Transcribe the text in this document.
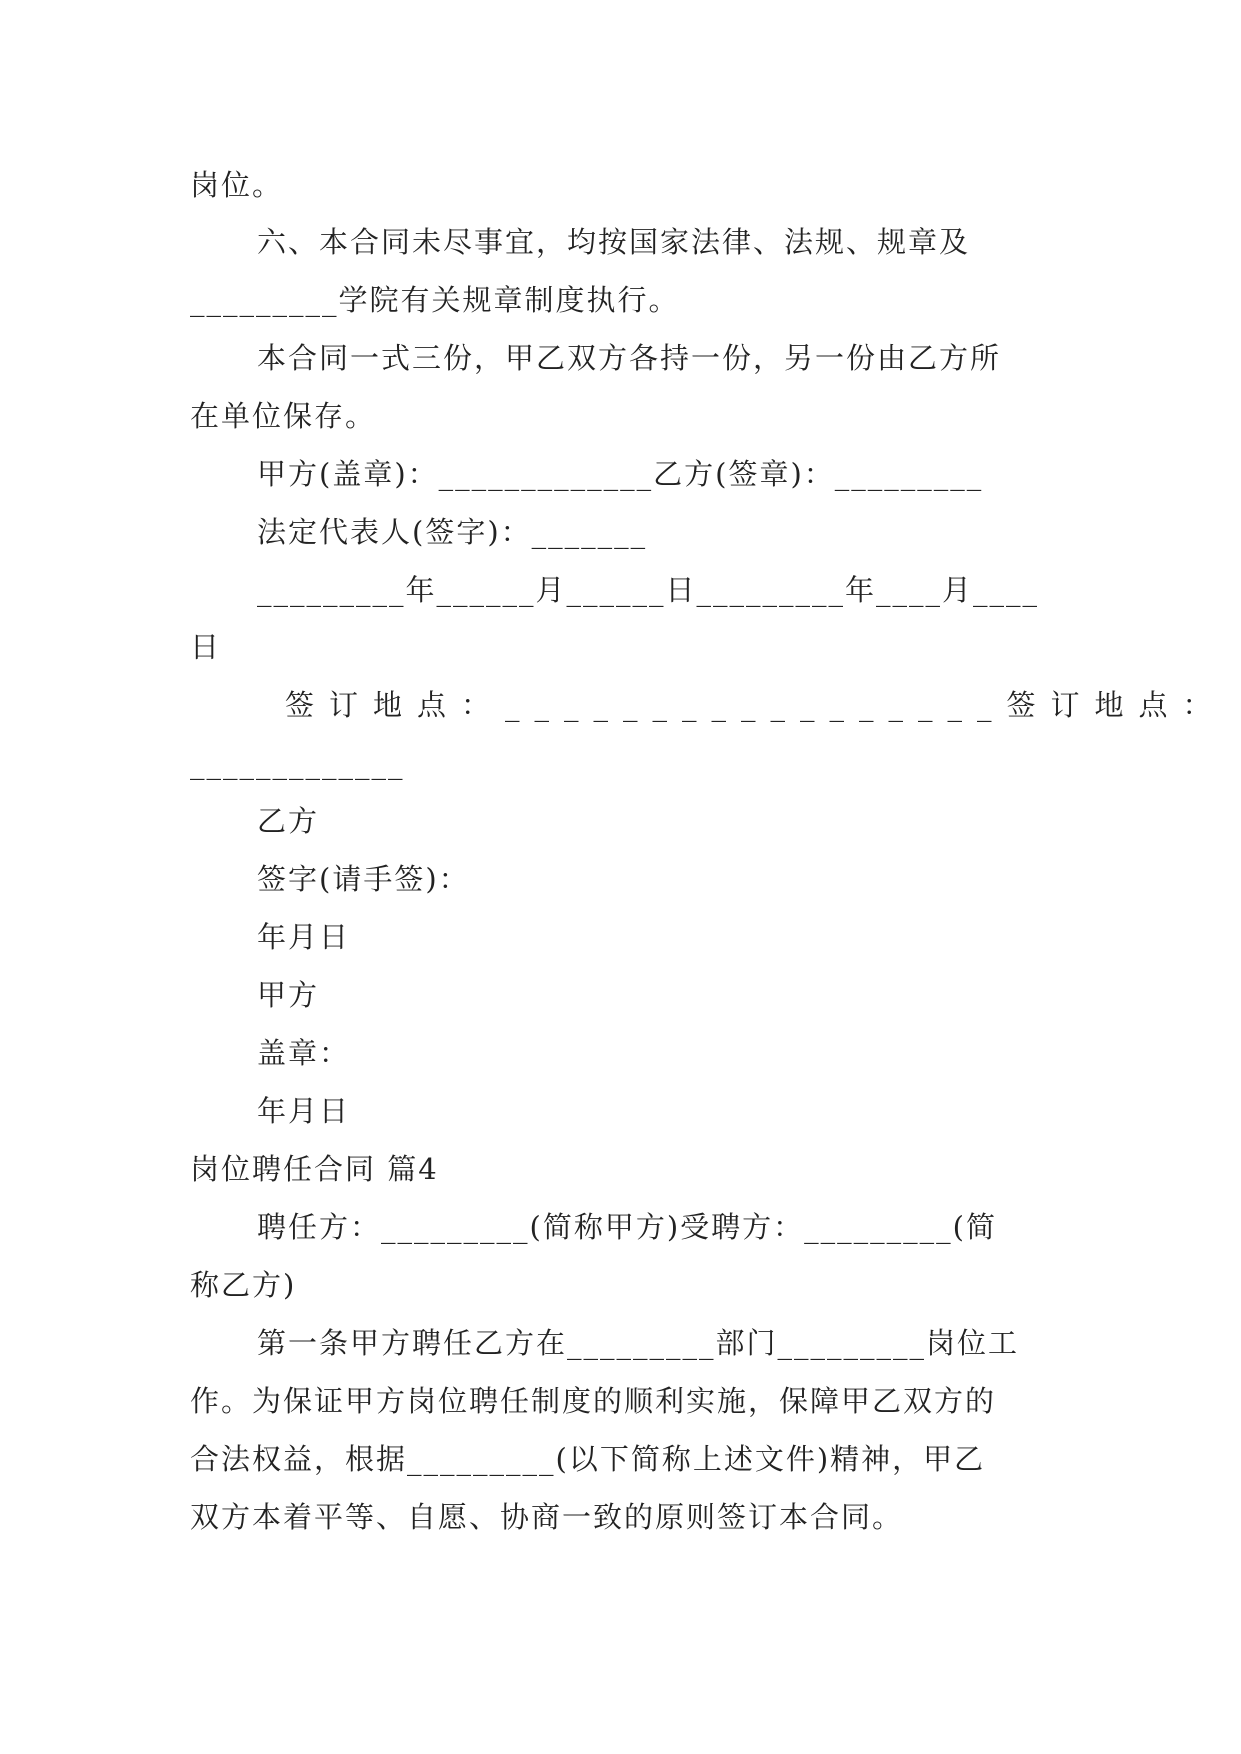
岗位。
六、本合同未尽事宜，均按国家法律、法规、规章及
_________学院有关规章制度执行。
本合同一式三份，甲乙双方各持一份，另一份由乙方所
在单位保存。
甲方(盖章)：_____________乙方(签章)：_________
法定代表人(签字)：_______
_________年______月______日_________年____月____
日
签订地点：_________________签订地点：
_____________
乙方
签字(请手签)：
年月日
甲方
盖章：
年月日
岗位聘任合同 篇4
聘任方：_________(简称甲方)受聘方：_________(简
称乙方)
第一条甲方聘任乙方在_________部门_________岗位工
作。为保证甲方岗位聘任制度的顺利实施，保障甲乙双方的
合法权益，根据_________(以下简称上述文件)精神，甲乙
双方本着平等、自愿、协商一致的原则签订本合同。
